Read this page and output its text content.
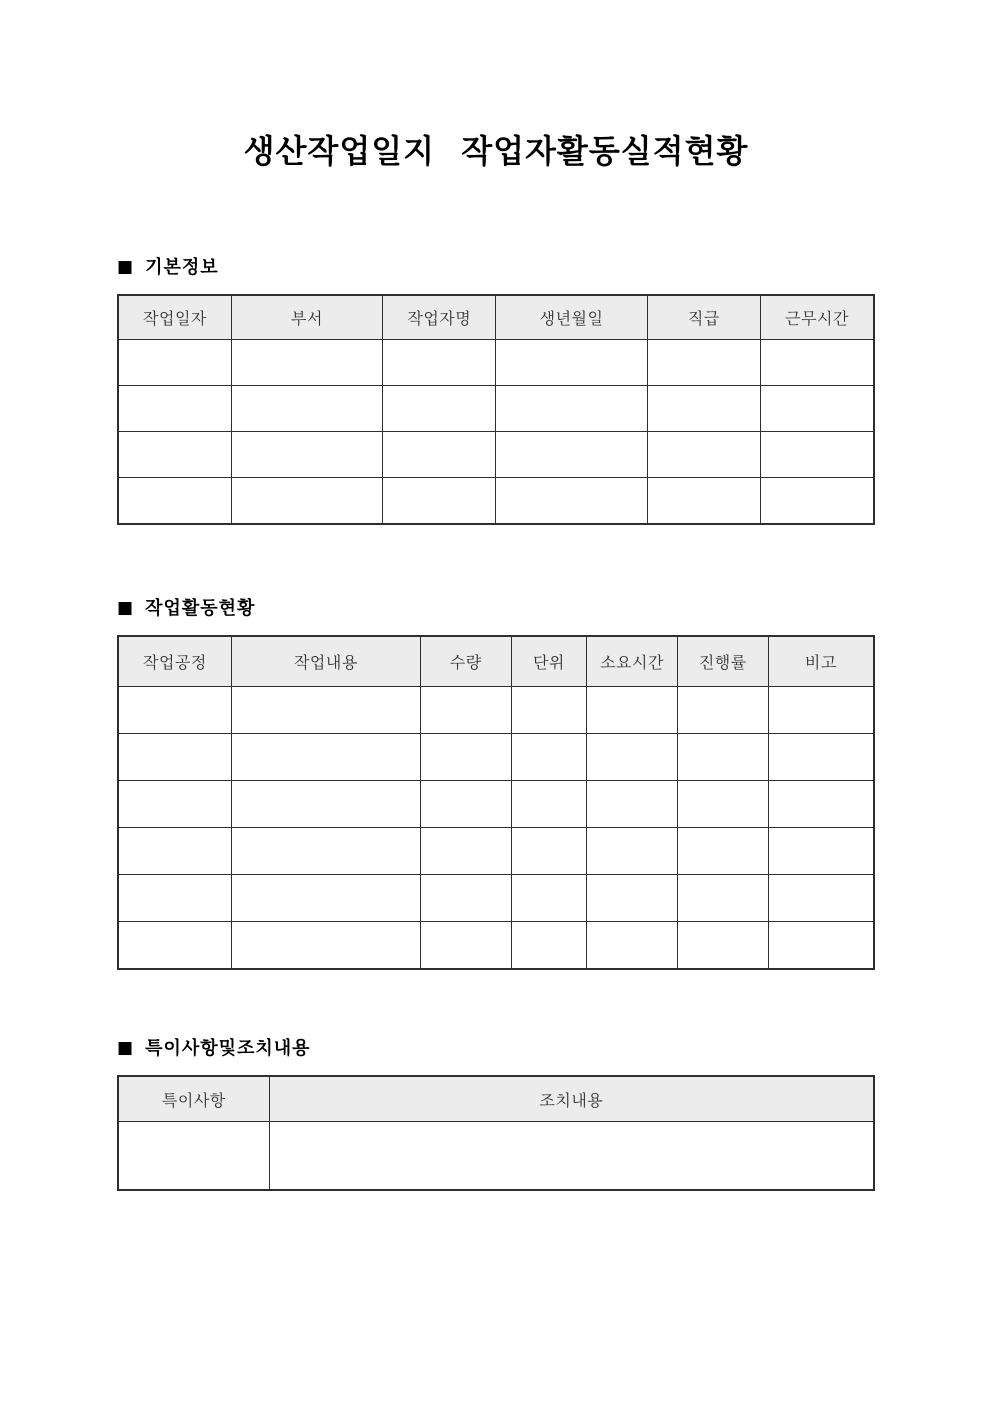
생산작업일지 작업자활동실적현황
■ 기본정보
작업일자	부서	작업자명	생년월일	직급	근무시간

■ 작업활동현황
작업공정	작업내용	수량	단위	소요시간	진행률	비고

■ 특이사항및조치내용
특이사항	조치내용
